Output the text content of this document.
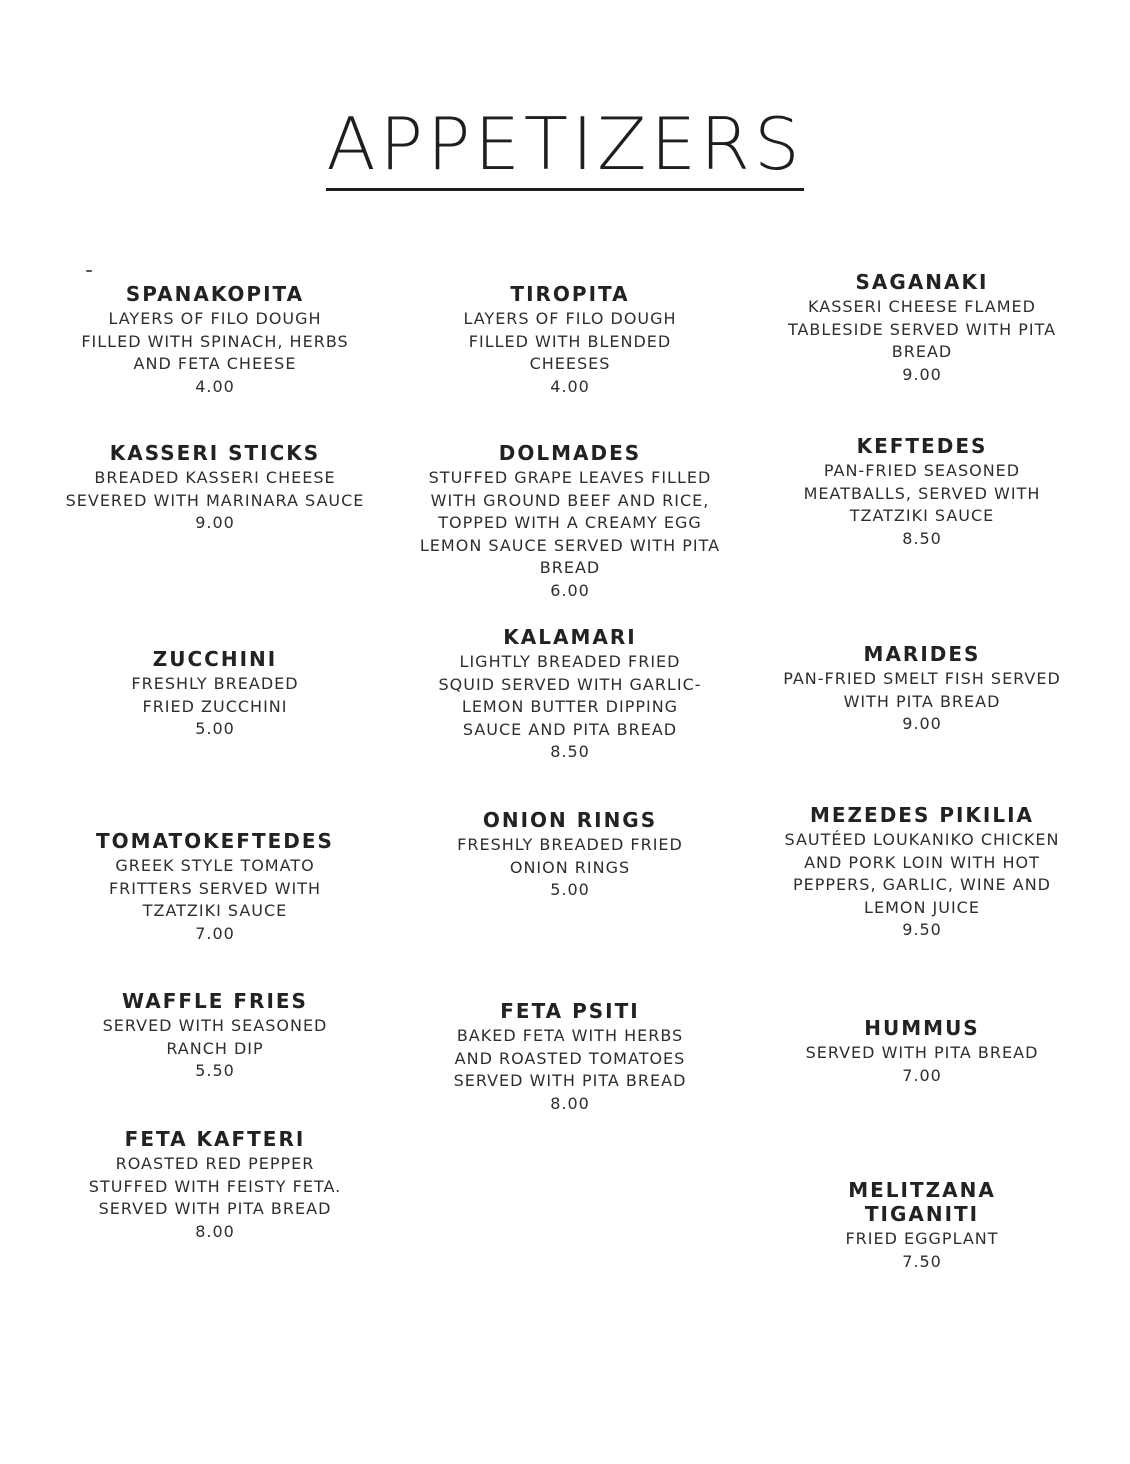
APPETIZERS
SPANAKOPITA
LAYERS OF FILO DOUGH FILLED WITH SPINACH, HERBS AND FETA CHEESE
4.00
KASSERI STICKS
BREADED KASSERI CHEESE SEVERED WITH MARINARA SAUCE
9.00
ZUCCHINI
FRESHLY BREADED FRIED ZUCCHINI
5.00
TOMATOKEFTEDES
GREEK STYLE TOMATO FRITTERS SERVED WITH TZATZIKI SAUCE
7.00
WAFFLE FRIES
SERVED WITH SEASONED RANCH DIP
5.50
FETA KAFTERI
ROASTED RED PEPPER STUFFED WITH FEISTY FETA. SERVED WITH PITA BREAD
8.00
TIROPITA
LAYERS OF FILO DOUGH FILLED WITH BLENDED CHEESES
4.00
DOLMADES
STUFFED GRAPE LEAVES FILLED WITH GROUND BEEF AND RICE, TOPPED WITH A CREAMY EGG LEMON SAUCE SERVED WITH PITA BREAD
6.00
KALAMARI
LIGHTLY BREADED FRIED SQUID SERVED WITH GARLIC-LEMON BUTTER DIPPING SAUCE AND PITA BREAD
8.50
ONION RINGS
FRESHLY BREADED FRIED ONION RINGS
5.00
FETA PSITI
BAKED FETA WITH HERBS AND ROASTED TOMATOES SERVED WITH PITA BREAD
8.00
SAGANAKI
KASSERI CHEESE FLAMED TABLESIDE SERVED WITH PITA BREAD
9.00
KEFTEDES
PAN-FRIED SEASONED MEATBALLS, SERVED WITH TZATZIKI SAUCE
8.50
MARIDES
PAN-FRIED SMELT FISH SERVED WITH PITA BREAD
9.00
MEZEDES PIKILIA
SAUTÉED LOUKANIKO CHICKEN AND PORK LOIN WITH HOT PEPPERS, GARLIC, WINE AND LEMON JUICE
9.50
HUMMUS
SERVED WITH PITA BREAD
7.00
MELITZANA TIGANITI
FRIED EGGPLANT
7.50
